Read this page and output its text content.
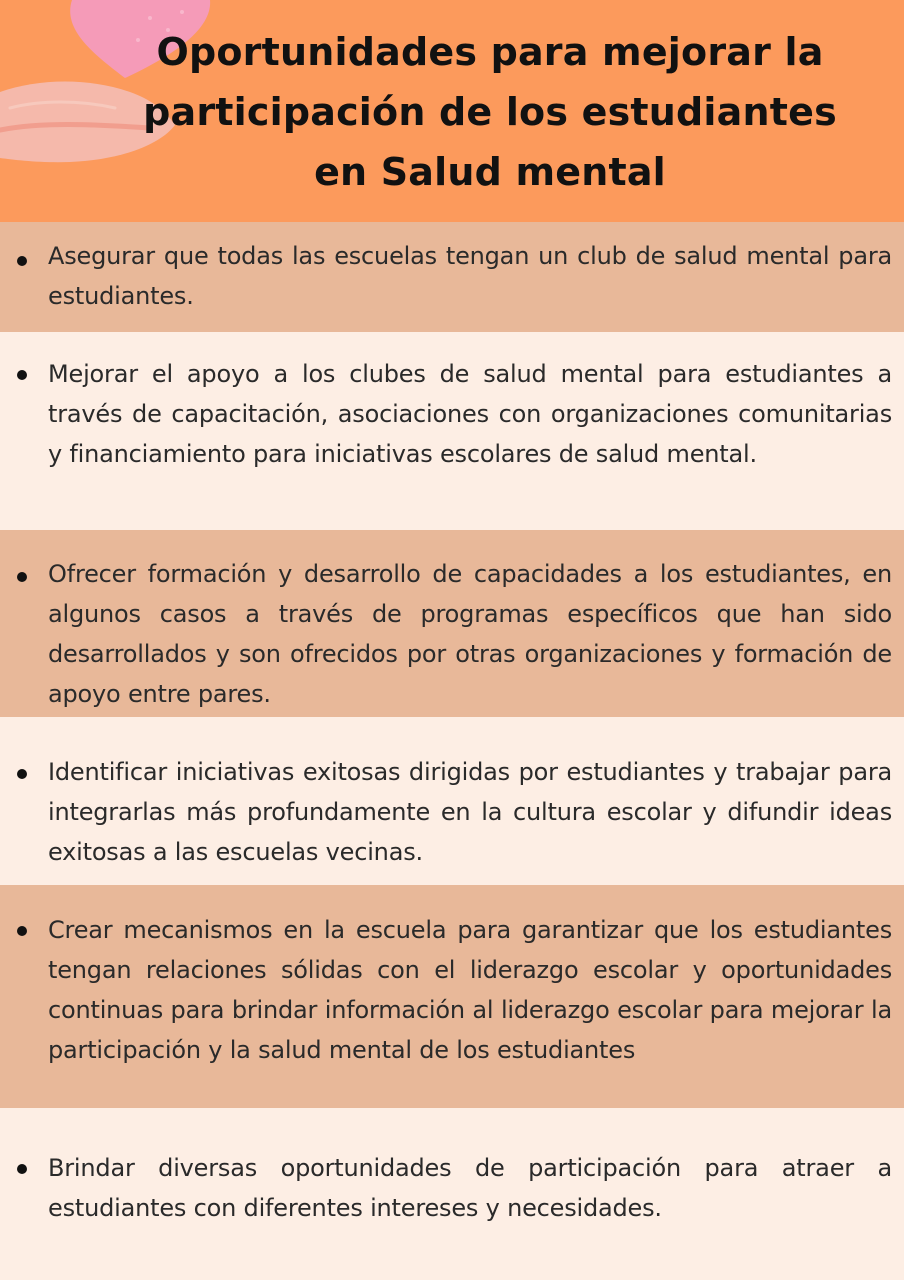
Oportunidades para mejorar la participación de los estudiantes en Salud mental

Asegurar que todas las escuelas tengan un club de salud mental para estudiantes.

Mejorar el apoyo a los clubes de salud mental para estudiantes a través de capacitación, asociaciones con organizaciones comunitarias y financiamiento para iniciativas escolares de salud mental.

Ofrecer formación y desarrollo de capacidades a los estudiantes, en algunos casos a través de programas específicos que han sido desarrollados y son ofrecidos por otras organizaciones y formación de apoyo entre pares.

Identificar iniciativas exitosas dirigidas por estudiantes y trabajar para integrarlas más profundamente en la cultura escolar y difundir ideas exitosas a las escuelas vecinas.

Crear mecanismos en la escuela para garantizar que los estudiantes tengan relaciones sólidas con el liderazgo escolar y oportunidades continuas para brindar información al liderazgo escolar para mejorar la participación y la salud mental de los estudiantes

Brindar diversas oportunidades de participación para atraer a estudiantes con diferentes intereses y necesidades.
